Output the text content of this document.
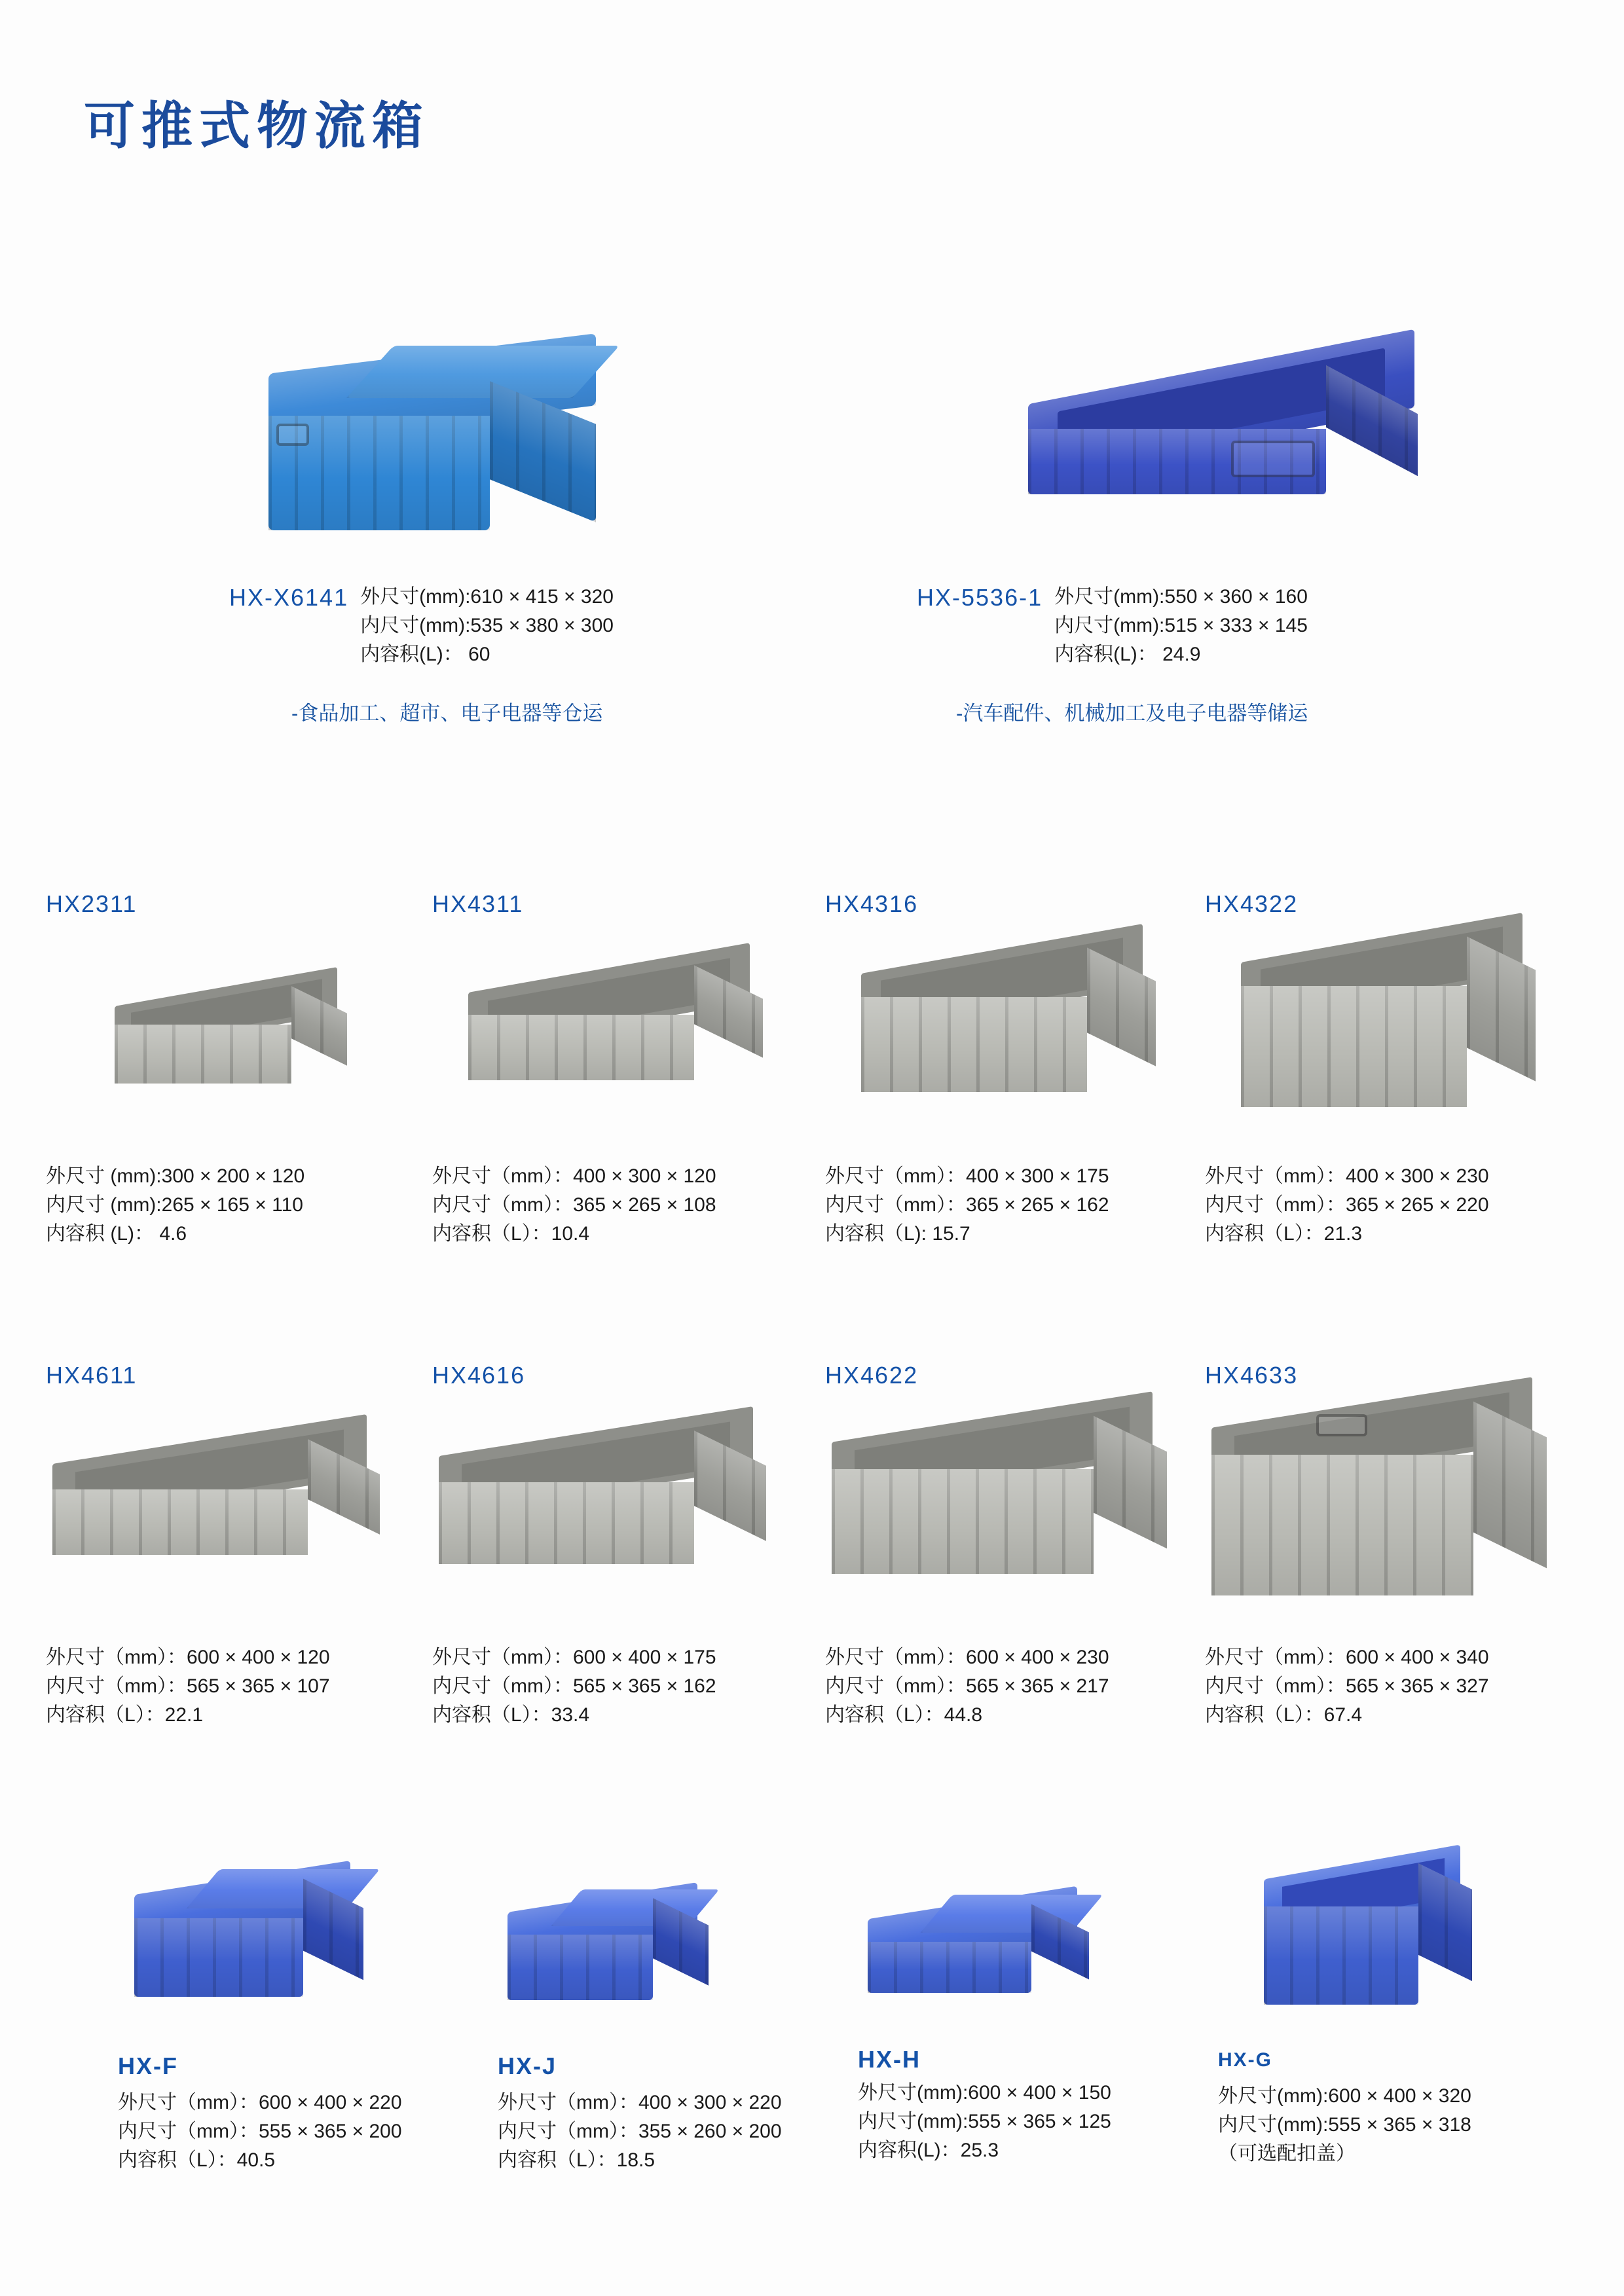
可推式物流箱
HX-X6141 外尺寸(mm):610 × 415 × 320
内尺寸(mm):535 × 380 × 300
内容积(L)： 60
-食品加工、超市、电子电器等仓运
HX-5536-1 外尺寸(mm):550 × 360 × 160
内尺寸(mm):515 × 333 × 145
内容积(L)： 24.9
-汽车配件、机械加工及电子电器等储运
HX2311
外尺寸 (mm):300 × 200 × 120
内尺寸 (mm):265 × 165 × 110
内容积 (L)： 4.6
HX4311
外尺寸（mm）：400 × 300 × 120
内尺寸（mm）：365 × 265 × 108
内容积（L）：10.4
HX4316
外尺寸（mm）：400 × 300 × 175
内尺寸（mm）：365 × 265 × 162
内容积（L): 15.7
HX4322
外尺寸（mm）：400 × 300 × 230
内尺寸（mm）：365 × 265 × 220
内容积（L）：21.3
HX4611
外尺寸（mm）：600 × 400 × 120
内尺寸（mm）：565 × 365 × 107
内容积（L）：22.1
HX4616
外尺寸（mm）：600 × 400 × 175
内尺寸（mm）：565 × 365 × 162
内容积（L）：33.4
HX4622
外尺寸（mm）：600 × 400 × 230
内尺寸（mm）：565 × 365 × 217
内容积（L）：44.8
HX4633
外尺寸（mm）：600 × 400 × 340
内尺寸（mm）：565 × 365 × 327
内容积（L）：67.4
HX-F
外尺寸（mm）：600 × 400 × 220
内尺寸（mm）：555 × 365 × 200
内容积（L）：40.5
HX-J
外尺寸（mm）：400 × 300 × 220
内尺寸（mm）：355 × 260 × 200
内容积（L）：18.5
HX-H
外尺寸(mm):600 × 400 × 150
内尺寸(mm):555 × 365 × 125
内容积(L)：25.3
HX-G
外尺寸(mm):600 × 400 × 320
内尺寸(mm):555 × 365 × 318
（可选配扣盖）
